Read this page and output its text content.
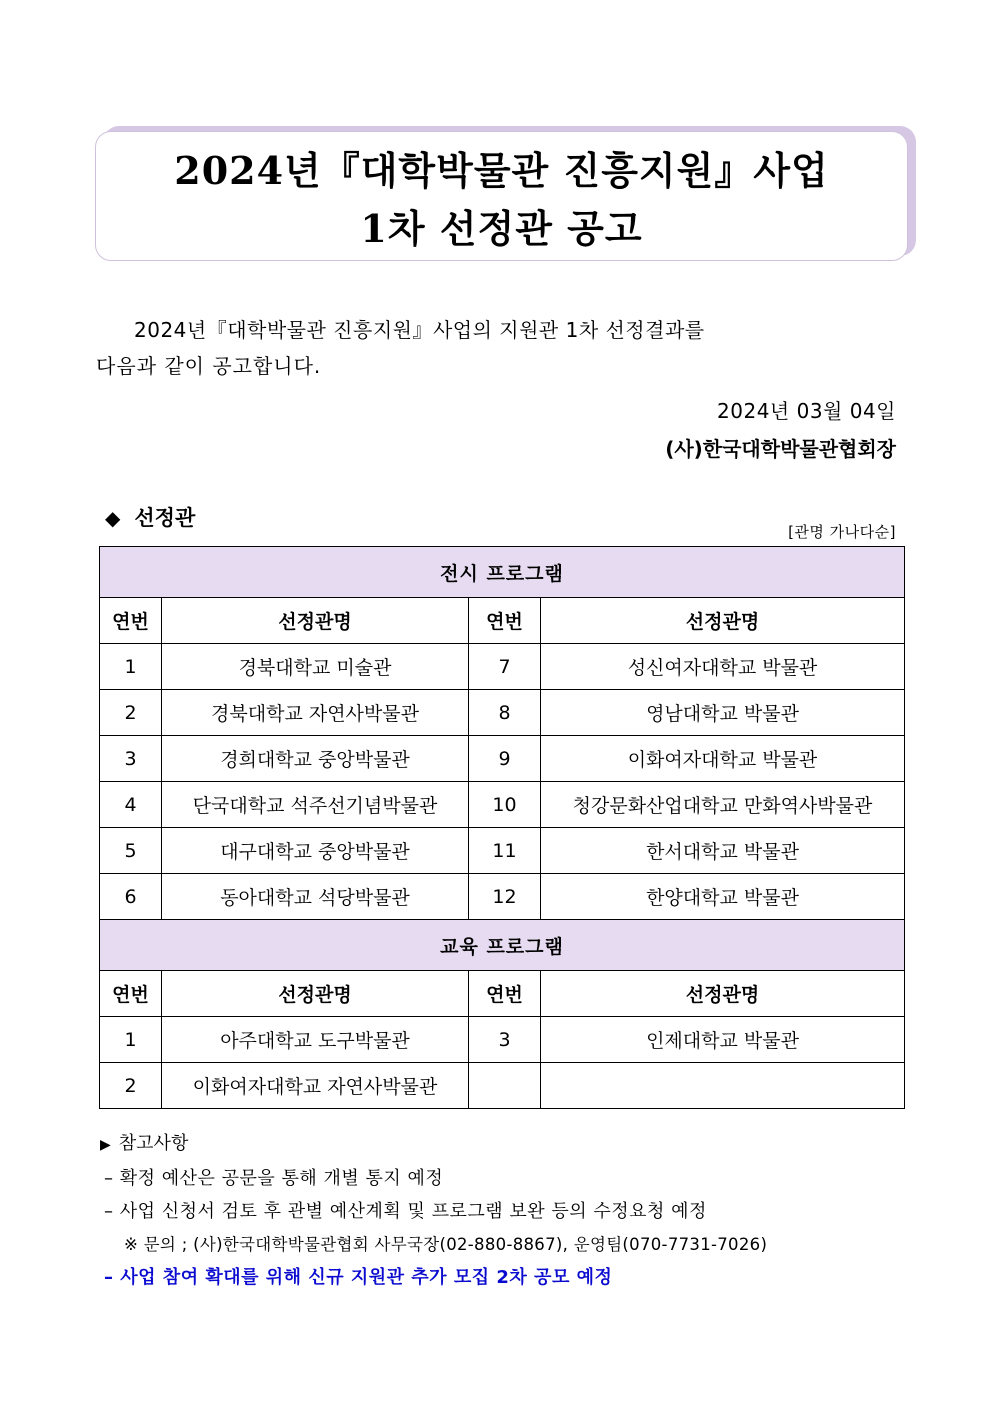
2024년『대학박물관 진흥지원』사업
1차 선정관 공고
2024년『대학박물관 진흥지원』사업의 지원관 1차 선정결과를
다음과 같이 공고합니다.
2024년 03월 04일
(사)한국대학박물관협회장
◆ 선정관
[관명 가나다순]
전시 프로그램			
연번	선정관명	연번	선정관명
1	경북대학교 미술관	7	성신여자대학교 박물관
2	경북대학교 자연사박물관	8	영남대학교 박물관
3	경희대학교 중앙박물관	9	이화여자대학교 박물관
4	단국대학교 석주선기념박물관	10	청강문화산업대학교 만화역사박물관
5	대구대학교 중앙박물관	11	한서대학교 박물관
6	동아대학교 석당박물관	12	한양대학교 박물관
교육 프로그램			
연번	선정관명	연번	선정관명
1	아주대학교 도구박물관	3	인제대학교 박물관
2	이화여자대학교 자연사박물관		
▶ 참고사항
– 확정 예산은 공문을 통해 개별 통지 예정
– 사업 신청서 검토 후 관별 예산계획 및 프로그램 보완 등의 수정요청 예정
※ 문의 ; (사)한국대학박물관협회 사무국장(02-880-8867), 운영팀(070-7731-7026)
– 사업 참여 확대를 위해 신규 지원관 추가 모집 2차 공모 예정
